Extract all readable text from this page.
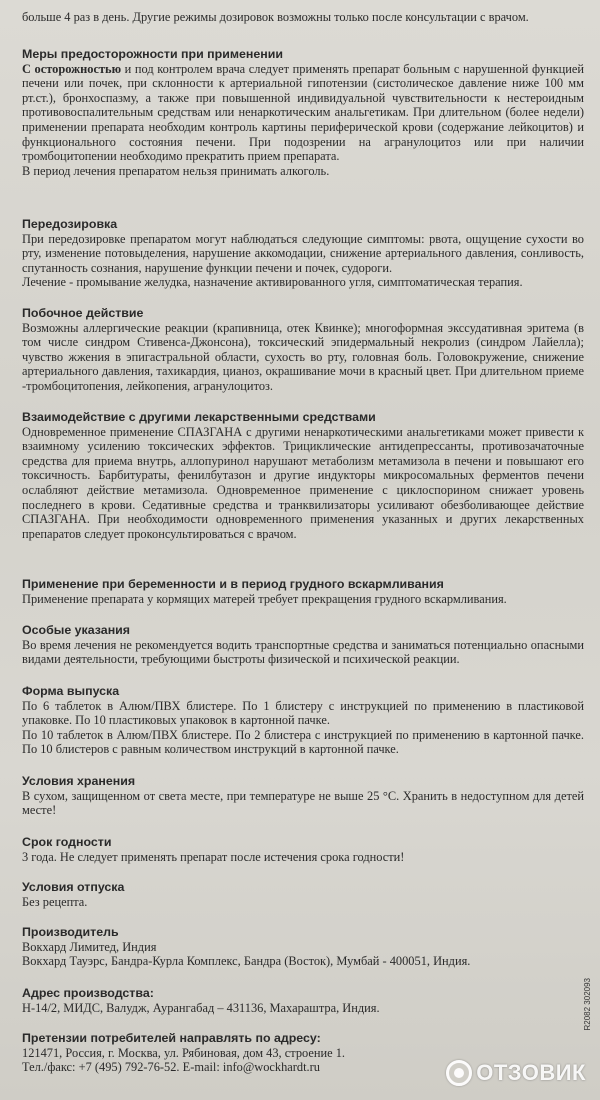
больше 4 раз в день. Другие режимы дозировок возможны только после консультации с врачом.

Меры предосторожности при применении

С осторожностью и под контролем врача следует применять препарат больным с нарушенной функцией печени или почек, при склонности к артериальной гипотензии (систолическое давление ниже 100 мм рт.ст.), бронхоспазму, а также при повышенной индивидуальной чувствительности к нестероидным противовоспалительным средствам или ненаркотическим анальгетикам. При длительном (более недели) применении препарата необходим контроль картины периферической крови (содержание лейкоцитов) и функционального состояния печени. При подозрении на агранулоцитоз или при наличии тромбоцитопении необходимо прекратить прием препарата.

В период лечения препаратом нельзя принимать алкоголь.

Передозировка

При передозировке препаратом могут наблюдаться следующие симптомы: рвота, ощущение сухости во рту, изменение потовыделения, нарушение аккомодации, снижение артериального давления, сонливость, спутанность сознания, нарушение функции печени и почек, судороги.

Лечение - промывание желудка, назначение активированного угля, симптоматическая терапия.

Побочное действие

Возможны аллергические реакции (крапивница, отек Квинке); многоформная экссудативная эритема (в том числе синдром Стивенса-Джонсона), токсический эпидермальный некролиз (синдром Лайелла); чувство жжения в эпигастральной области, сухость во рту, головная боль. Головокружение, снижение артериального давления, тахикардия, цианоз, окрашивание мочи в красный цвет. При длительном приеме -тромбоцитопения, лейкопения, агранулоцитоз.

Взаимодействие с другими лекарственными средствами

Одновременное применение СПАЗГАНА с другими ненаркотическими анальгетиками может привести к взаимному усилению токсических эффектов. Трициклические антидепрессанты, противозачаточные средства для приема внутрь, аллопуринол нарушают метаболизм метамизола в печени и повышают его токсичность. Барбитураты, фенилбутазон и другие индукторы микросомальных ферментов печени ослабляют действие метамизола. Одновременное применение с циклоспорином снижает уровень последнего в крови. Седативные средства и транквилизаторы усиливают обезболивающее действие СПАЗГАНА. При необходимости одновременного применения указанных и других лекарственных препаратов следует проконсультироваться с врачом.

Применение при беременности и в период грудного вскармливания

Применение препарата у кормящих матерей требует прекращения грудного вскармливания.

Особые указания

Во время лечения не рекомендуется водить транспортные средства и заниматься потенциально опасными видами деятельности, требующими быстроты физической и психической реакции.

Форма выпуска

По 6 таблеток в Алюм/ПВХ блистере. По 1 блистеру с инструкцией по применению в пластиковой упаковке. По 10 пластиковых упаковок в картонной пачке.

По 10 таблеток в Алюм/ПВХ блистере. По 2 блистера с инструкцией по применению в картонной пачке. По 10 блистеров с равным количеством инструкций в картонной пачке.

Условия хранения

В сухом, защищенном от света месте, при температуре не выше 25 °С. Хранить в недоступном для детей месте!

Срок годности

3 года. Не следует применять препарат после истечения срока годности!

Условия отпуска

Без рецепта.

Производитель

Вокхард Лимитед, Индия

Вокхард Тауэрс, Бандра-Курла Комплекс, Бандра (Восток), Мумбай - 400051, Индия.

Адрес производства:

Н-14/2, МИДС, Валудж, Аурангабад – 431136, Махараштра, Индия.

Претензии потребителей направлять по адресу:

121471, Россия, г. Москва, ул. Рябиновая, дом 43, строение 1.

Тел./факс: +7 (495) 792-76-52. E-mail: info@wockhardt.ru

R2082 302093
ОТЗОВИК
